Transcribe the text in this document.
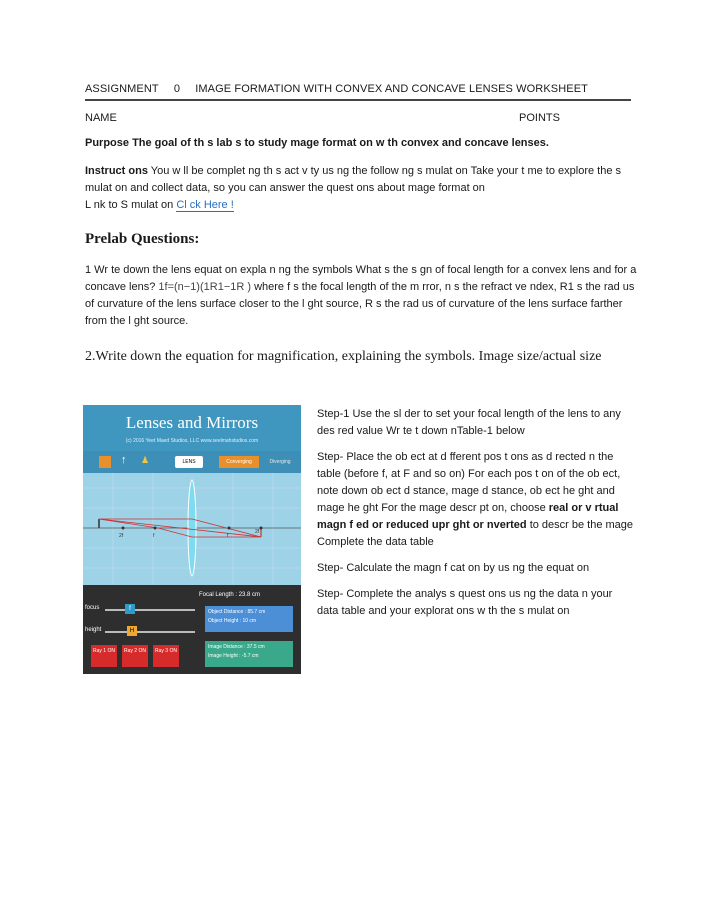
ASSIGNMENT 0 IMAGE FORMATION WITH CONVEX AND CONCAVE LENSES WORKSHEET
NAME	POINTS
Purpose The goal of th s lab s to study mage format on w th convex and concave lenses.
Instruct ons You w ll be complet ng th s act v ty us ng the follow ng s mulat on Take your t me to explore the s mulat on and collect data, so you can answer the quest ons about mage format on
L nk to S mulat on Cl ck Here !
Prelab Questions:
1 Wr te down the lens equat on expla n ng the symbols What s the s gn of focal length for a convex lens and for a concave lens? 1f=(n−1)(1R1−1R ) where f s the focal length of the m rror, n s the refract ve ndex, R1 s the rad us of curvature of the lens surface closer to the l ght source, R s the rad us of curvature of the lens surface farther from the l ght source.
2.Write down the equation for magnification, explaining the symbols. Image size/actual size
Lenses and Mirrors
(c) 2016 Yeet Maed Studios, LLC www.seelmahstudios.com
↑ ♟	LENS	Converging	Diverging
2f	f	f
2f
Focal Length : 23.8 cm
focus	f
height	H
Object Distance : 85.7 cm
Object Height : 10 cm
Image Distance : 37.5 cm
Image Height : -5.7 cm
Ray 1 ON	Ray 2 ON	Ray 3 ON

Step-1 Use the sl der to set your focal length of the lens to any des red value Wr te t down nTable-1 below

Step- Place the ob ect at d fferent pos t ons as d rected n the table (before f, at F and so on) For each pos t on of the ob ect, note down ob ect d stance, mage d stance, ob ect he ght and mage he ght For the mage descr pt on, choose real or v rtual magn f ed or reduced upr ght or nverted to descr be the mage Complete the data table

Step- Calculate the magn f cat on by us ng the equat on

Step- Complete the analys s quest ons us ng the data n your data table and your explorat ons w th the s mulat on
